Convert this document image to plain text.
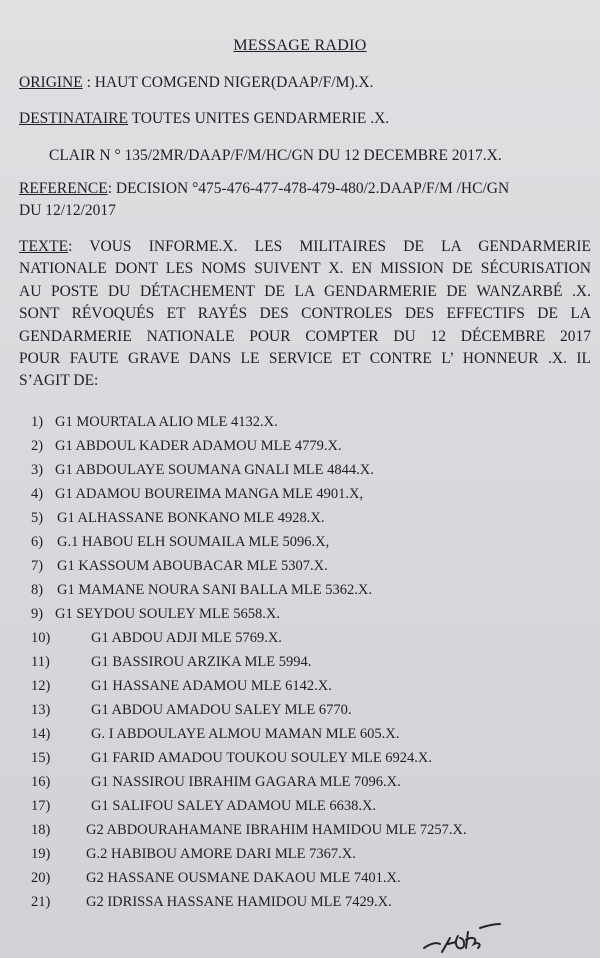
MESSAGE RADIO
ORIGINE : HAUT COMGEND NIGER(DAAP/F/M).X.
DESTINATAIRE TOUTES UNITES GENDARMERIE .X.
CLAIR N ° 135/2MR/DAAP/F/M/HC/GN DU 12 DECEMBRE 2017.X.
REFERENCE: DECISION °475-476-477-478-479-480/2.DAAP/F/M /HC/GN
DU 12/12/2017
TEXTE: VOUS INFORME.X. LES MILITAIRES DE LA GENDARMERIE
NATIONALE DONT LES NOMS SUIVENT X. EN MISSION DE SÉCURISATION
AU POSTE DU DÉTACHEMENT DE LA GENDARMERIE DE WANZARBÉ .X.
SONT RÉVOQUÉS ET RAYÉS DES CONTROLES DES EFFECTIFS DE LA
GENDARMERIE NATIONALE POUR COMPTER DU 12 DÉCEMBRE 2017
POUR FAUTE GRAVE DANS LE SERVICE ET CONTRE L’ HONNEUR .X. IL
S’AGIT DE:
1) G1 MOURTALA ALIO MLE 4132.X.
2) G1 ABDOUL KADER ADAMOU MLE 4779.X.
3) G1 ABDOULAYE SOUMANA GNALI MLE 4844.X.
4) G1 ADAMOU BOUREIMA MANGA MLE 4901.X,
5) G1 ALHASSANE BONKANO MLE 4928.X.
6) G.1 HABOU ELH SOUMAILA MLE 5096.X,
7) G1 KASSOUM ABOUBACAR MLE 5307.X.
8) G1 MAMANE NOURA SANI BALLA MLE 5362.X.
9) G1 SEYDOU SOULEY MLE 5658.X.
10)	G1 ABDOU ADJI MLE 5769.X.
11)	G1 BASSIROU ARZIKA MLE 5994.
12)	G1 HASSANE ADAMOU MLE 6142.X.
13)	G1 ABDOU AMADOU SALEY MLE 6770.
14)	G. I ABDOULAYE ALMOU MAMAN MLE 605.X.
15)	G1 FARID AMADOU TOUKOU SOULEY MLE 6924.X.
16)	G1 NASSIROU IBRAHIM GAGARA MLE 7096.X.
17)	G1 SALIFOU SALEY ADAMOU MLE 6638.X.
18) G2 ABDOURAHAMANE IBRAHIM HAMIDOU MLE 7257.X.
19) G.2 HABIBOU AMORE DARI MLE 7367.X.
20) G2 HASSANE OUSMANE DAKAOU MLE 7401.X.
21) G2 IDRISSA HASSANE HAMIDOU MLE 7429.X.
